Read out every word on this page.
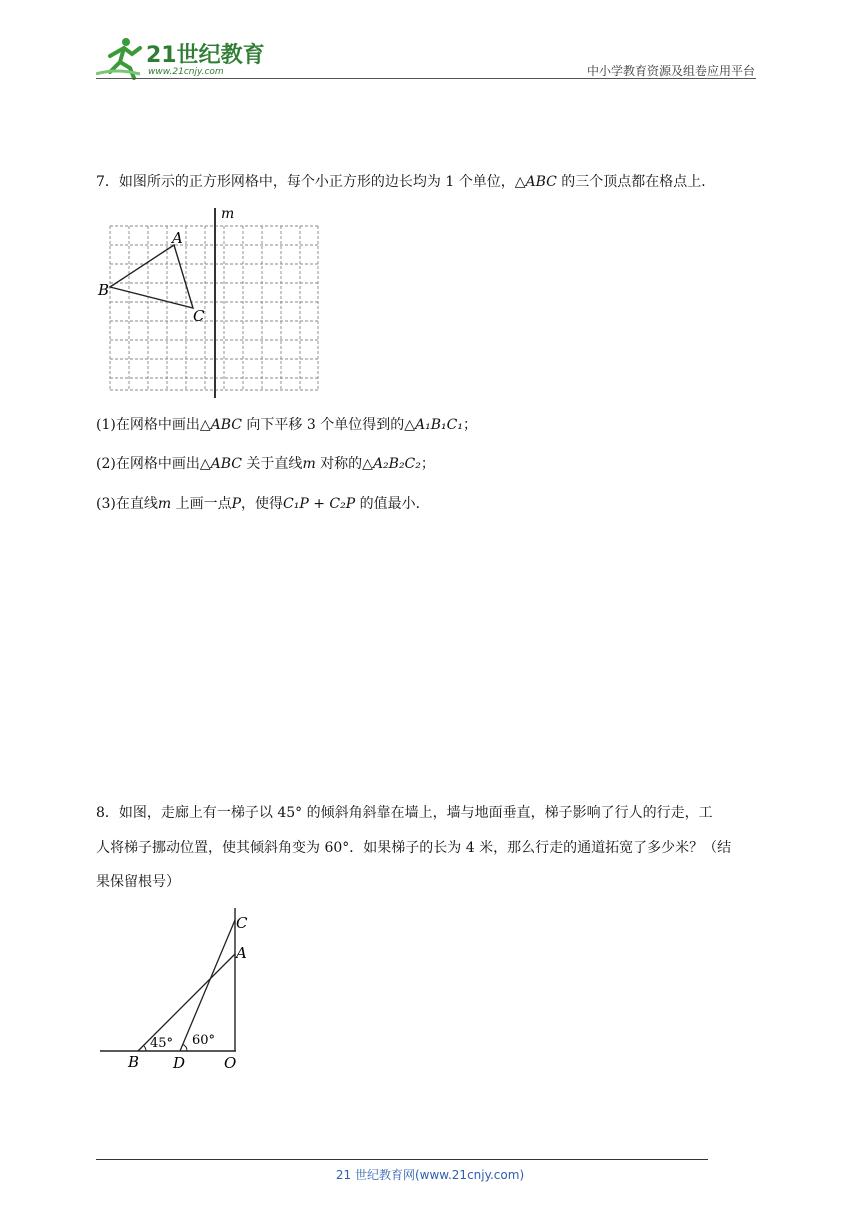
21世纪教育
www.21cnjy.com	中小学教育资源及组卷应用平台
7．如图所示的正方形网格中，每个小正方形的边长均为 1 个单位，△ABC 的三个顶点都在格点上．
m
A
B
C
(1)在网格中画出△ABC 向下平移 3 个单位得到的△A₁B₁C₁；
(2)在网格中画出△ABC 关于直线m 对称的△A₂B₂C₂；
(3)在直线m 上画一点P，使得C₁P + C₂P 的值最小．
8．如图，走廊上有一梯子以 45° 的倾斜角斜靠在墙上，墙与地面垂直，梯子影响了行人的行走，工
人将梯子挪动位置，使其倾斜角变为 60°．如果梯子的长为 4 米，那么行走的通道拓宽了多少米？（结
果保留根号）
45° 60°
C
A
B D	O
21 世纪教育网(www.21cnjy.com)
